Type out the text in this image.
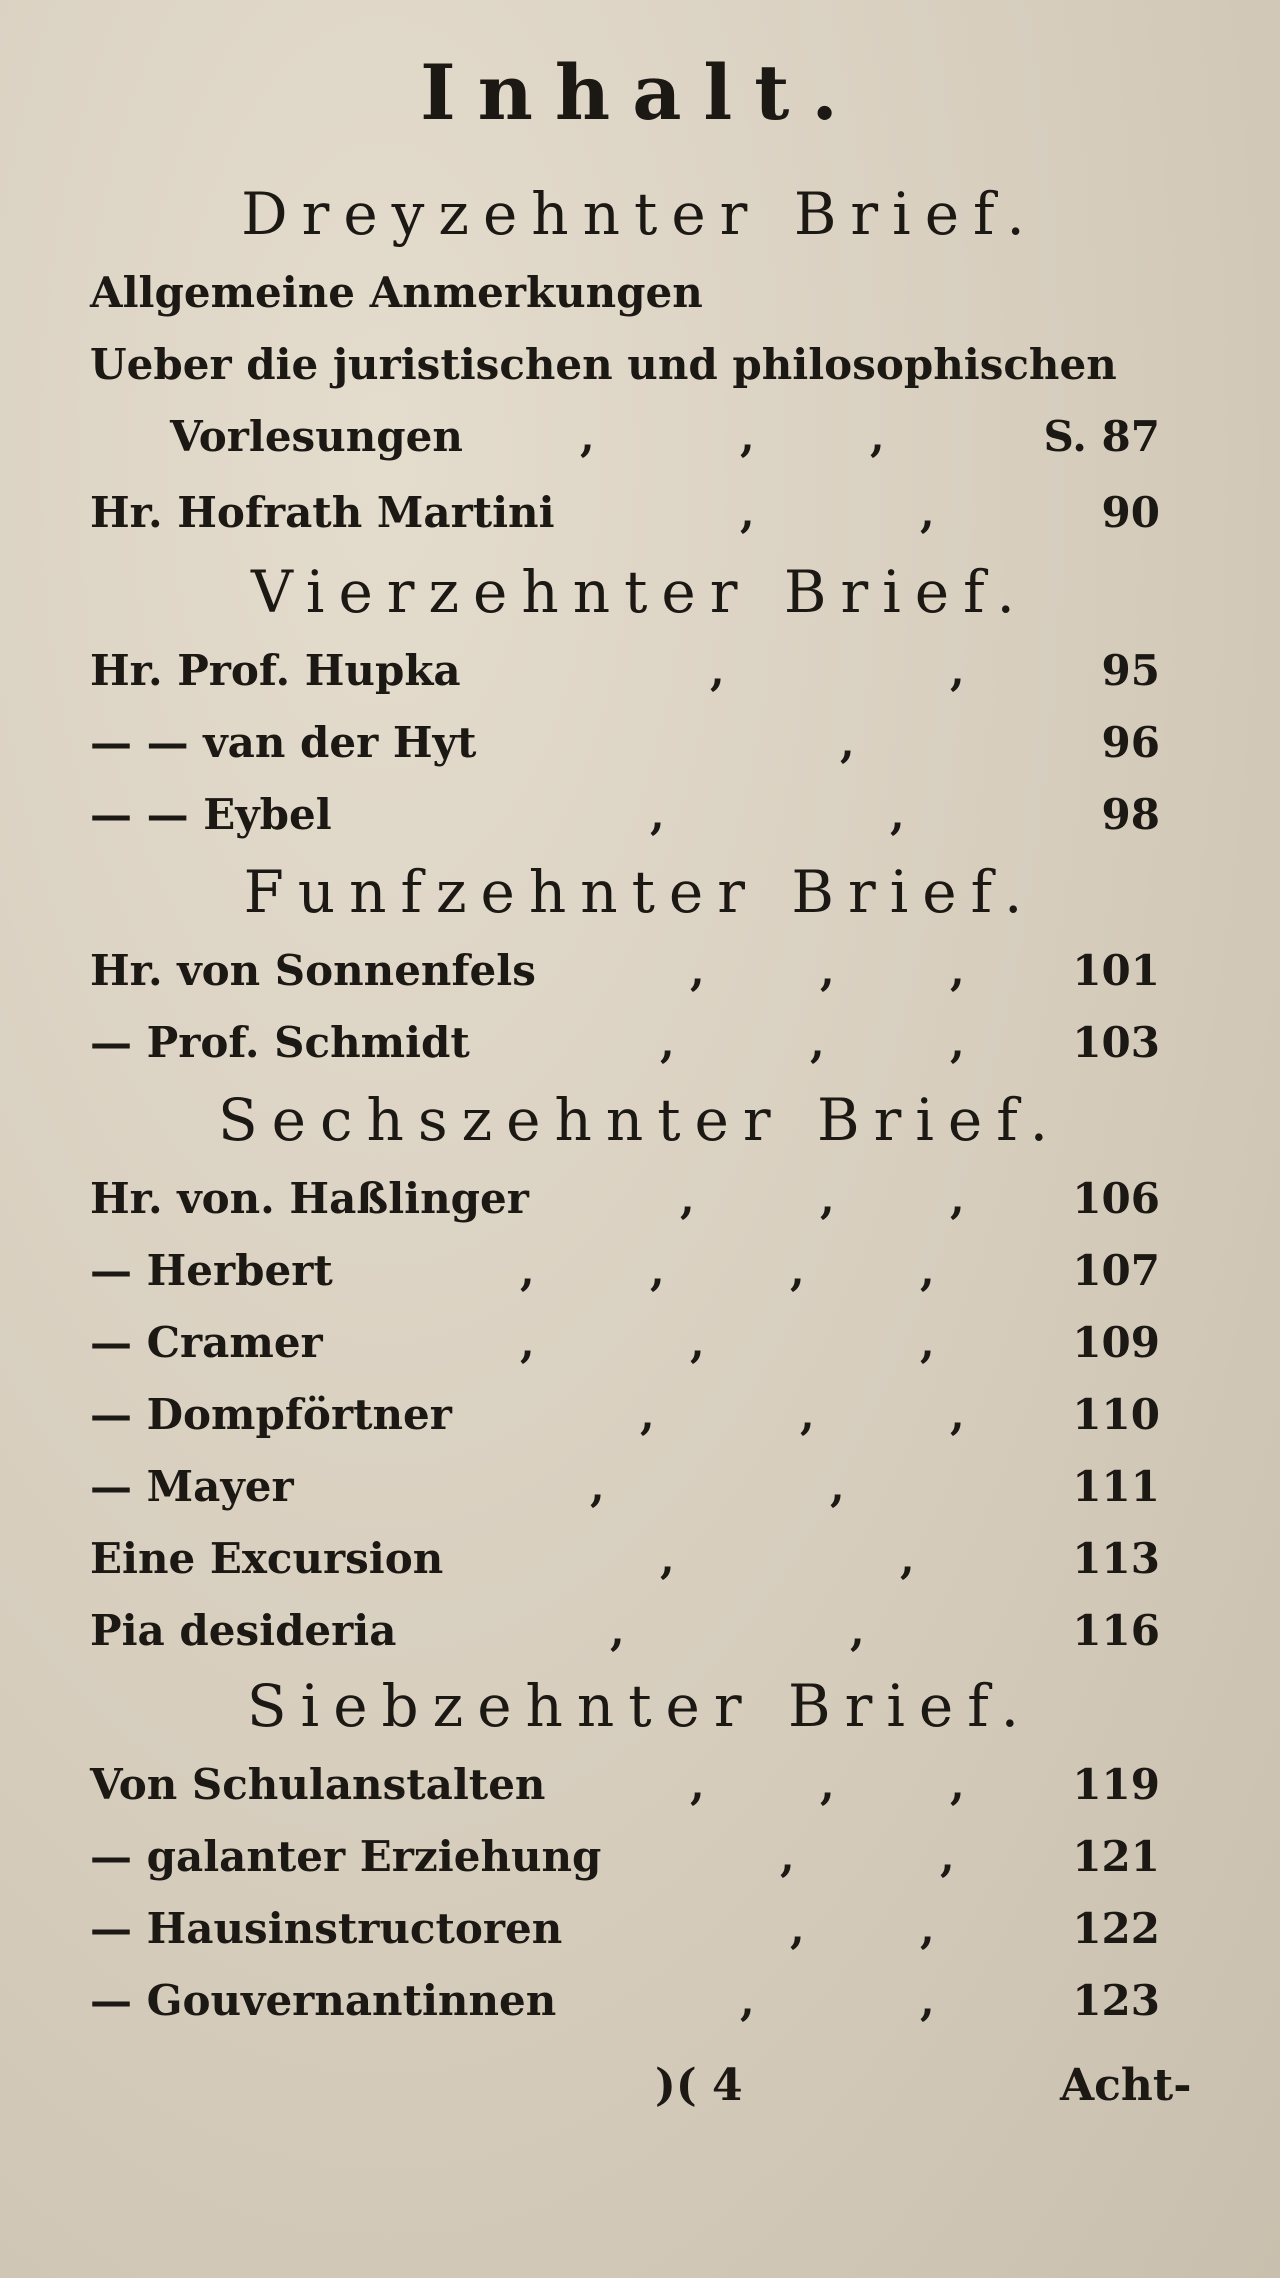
Inhalt.
Dreyzehnter Brief.
Allgemeine Anmerkungen
Ueber die juristischen und philosophischen
Vorlesungen	,	,	,	S. 87
Hr. Hofrath Martini	,	,	90
Vierzehnter Brief.
Hr. Prof. Hupka	,	,	95
— — van der Hyt	,	96
— — Eybel	,	,	98
Funfzehnter Brief.
Hr. von Sonnenfels	,	,	,	101
— Prof. Schmidt	,	,	,	103
Sechszehnter Brief.
Hr. von. Haßlinger	,	,	,	106
— Herbert	,	,	,	,	107
— Cramer	,	,	,	109
— Dompförtner	,	,	,	110
— Mayer	,	,	111
Eine Excursion	,	,	113
Pia desideria	,	,	116
Siebzehnter Brief.
Von Schulanstalten	,	,	,	119
— galanter Erziehung	,	,	121
— Hausinstructoren	,	,	122
— Gouvernantinnen	,	,	123
)( 4	Acht-
